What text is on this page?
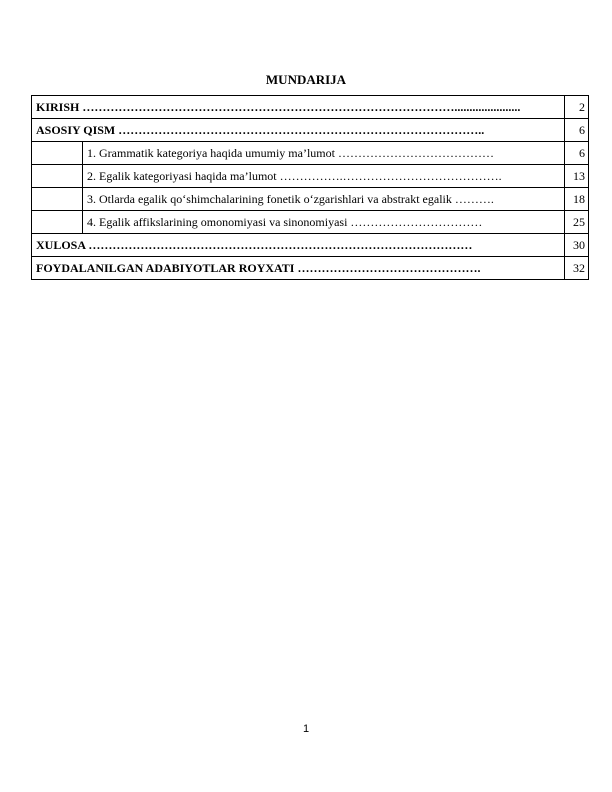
MUNDARIJA
KIRISH …………………………………………………………………………………......................		2
ASOSIY QISM ………………………………………………………………………………..		6
	1. Grammatik kategoriya haqida umumiy ma’lumot …………………………………	6
	2. Egalik kategoriyasi haqida ma’lumot …………….………………………………….	13
	3. Otlarda egalik qo‘shimchalarining fonetik o‘zgarishlari va abstrakt egalik ……….	18
	4. Egalik affikslarining omonomiyasi va sinonomiyasi ……………………………	25
XULOSA ……………………………………………………………………………………		30
FOYDALANILGAN ADABIYOTLAR ROYXATI ……………………………………….		32
1
